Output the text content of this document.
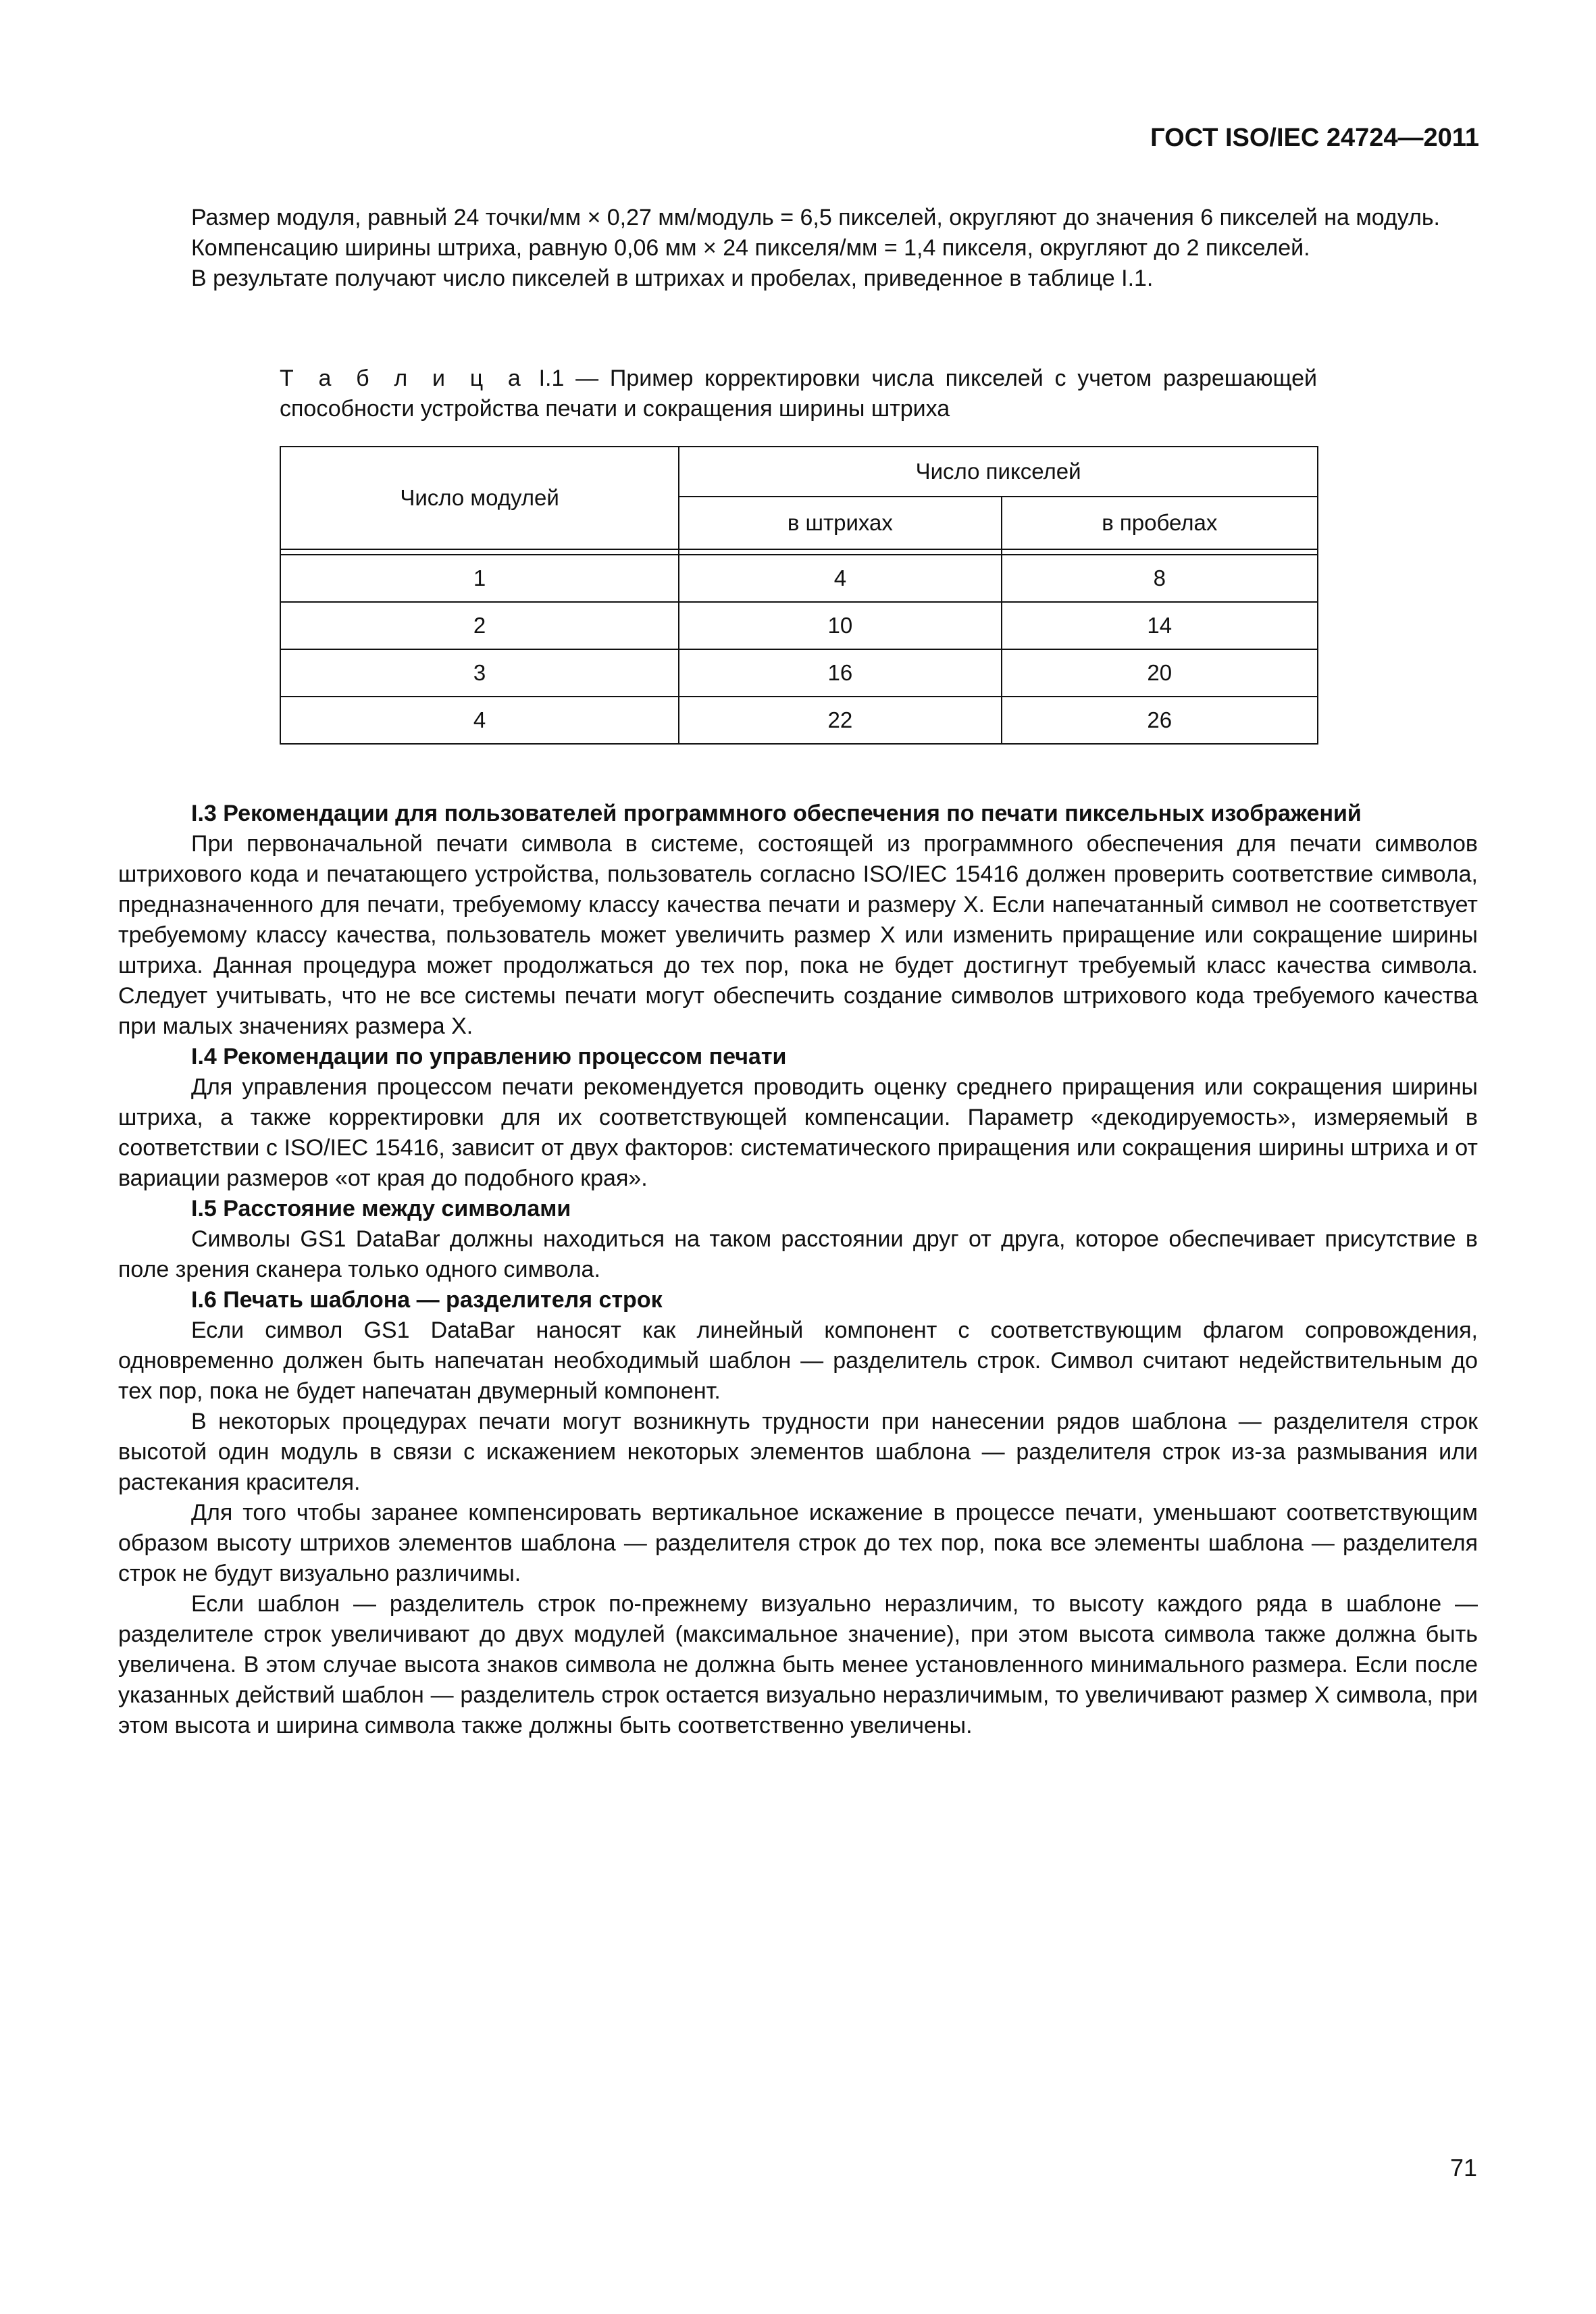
ГОСТ ISO/IEC 24724—2011

Размер модуля, равный 24 точки/мм × 0,27 мм/модуль = 6,5 пикселей, округляют до значения 6 пикселей на модуль.

Компенсацию ширины штриха, равную 0,06 мм × 24 пикселя/мм = 1,4 пикселя, округляют до 2 пикселей.

В результате получают число пикселей в штрихах и пробелах, приведенное в таблице I.1.

Т а б л и ц а I.1 — Пример корректировки числа пикселей с учетом разрешающей способности устройства печати и сокращения ширины штриха
Число модулей	Число пикселей	
	в штрихах	в пробелах

1	4	8
2	10	14
3	16	20
4	22	26

I.3 Рекомендации для пользователей программного обеспечения по печати пиксельных изображений

При первоначальной печати символа в системе, состоящей из программного обеспечения для печати символов штрихового кода и печатающего устройства, пользователь согласно ISO/IEC 15416 должен проверить соответствие символа, предназначенного для печати, требуемому классу качества печати и размеру X. Если напечатанный символ не соответствует требуемому классу качества, пользователь может увеличить размер X или изменить приращение или сокращение ширины штриха. Данная процедура может продолжаться до тех пор, пока не будет достигнут требуемый класс качества символа. Следует учитывать, что не все системы печати могут обеспечить создание символов штрихового кода требуемого качества при малых значениях размера X.

I.4 Рекомендации по управлению процессом печати

Для управления процессом печати рекомендуется проводить оценку среднего приращения или сокращения ширины штриха, а также корректировки для их соответствующей компенсации. Параметр «декодируемость», измеряемый в соответствии с ISO/IEC 15416, зависит от двух факторов: систематического приращения или сокращения ширины штриха и от вариации размеров «от края до подобного края».

I.5 Расстояние между символами

Символы GS1 DataBar должны находиться на таком расстоянии друг от друга, которое обеспечивает присутствие в поле зрения сканера только одного символа.

I.6 Печать шаблона — разделителя строк

Если символ GS1 DataBar наносят как линейный компонент с соответствующим флагом сопровождения, одновременно должен быть напечатан необходимый шаблон — разделитель строк. Символ считают недействительным до тех пор, пока не будет напечатан двумерный компонент.

В некоторых процедурах печати могут возникнуть трудности при нанесении рядов шаблона — разделителя строк высотой один модуль в связи с искажением некоторых элементов шаблона — разделителя строк из-за размывания или растекания красителя.

Для того чтобы заранее компенсировать вертикальное искажение в процессе печати, уменьшают соответствующим образом высоту штрихов элементов шаблона — разделителя строк до тех пор, пока все элементы шаблона — разделителя строк не будут визуально различимы.

Если шаблон — разделитель строк по-прежнему визуально неразличим, то высоту каждого ряда в шаблоне — разделителе строк увеличивают до двух модулей (максимальное значение), при этом высота символа также должна быть увеличена. В этом случае высота знаков символа не должна быть менее установленного минимального размера. Если после указанных действий шаблон — разделитель строк остается визуально неразличимым, то увеличивают размер X символа, при этом высота и ширина символа также должны быть соответственно увеличены.

71
